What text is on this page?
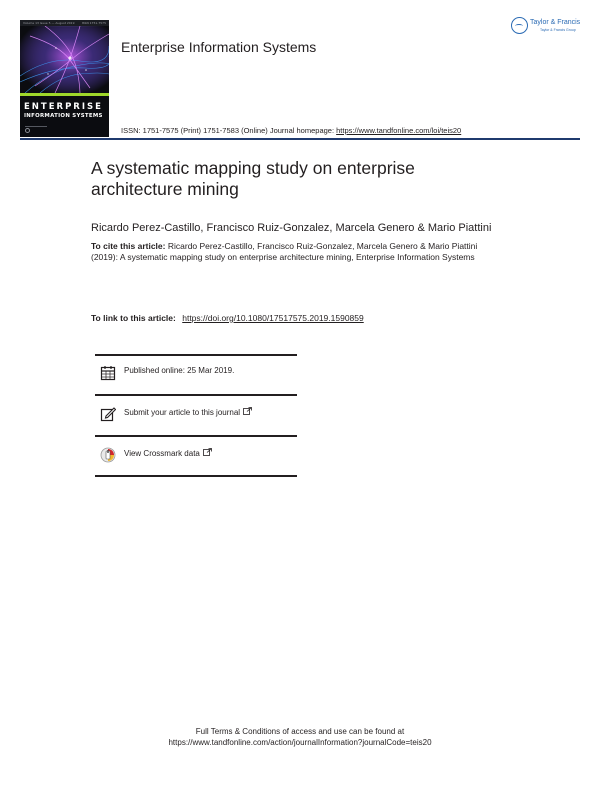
Volume 13 Issue 5 — August 2019 ISSN 1751-7575
ENTERPRISE
INFORMATION SYSTEMS
Enterprise Information Systems
Taylor & Francis
Taylor & Francis Group
ISSN: 1751-7575 (Print) 1751-7583 (Online) Journal homepage: https://www.tandfonline.com/loi/teis20
A systematic mapping study on enterprise architecture mining
Ricardo Perez-Castillo, Francisco Ruiz-Gonzalez, Marcela Genero & Mario Piattini
To cite this article: Ricardo Perez-Castillo, Francisco Ruiz-Gonzalez, Marcela Genero & Mario Piattini (2019): A systematic mapping study on enterprise architecture mining, Enterprise Information Systems
To link to this article: https://doi.org/10.1080/17517575.2019.1590859
Published online: 25 Mar 2019.
Submit your article to this journal
View Crossmark data
Full Terms & Conditions of access and use can be found at
https://www.tandfonline.com/action/journalInformation?journalCode=teis20
